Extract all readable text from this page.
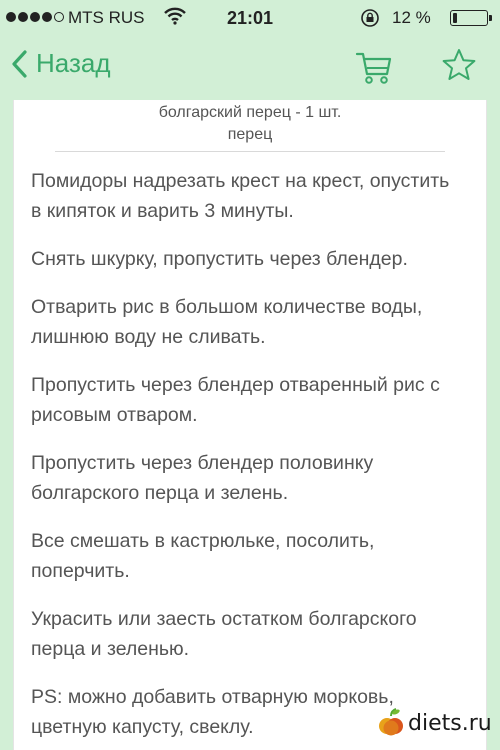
MTS RUS	21:01	12 % ⚡
Назад
болгарский перец - 1 шт.
перец

Помидоры надрезать крест на крест, опустить в кипяток и варить 3 минуты.

Снять шкурку, пропустить через блендер.

Отварить рис в большом количестве воды, лишнюю воду не сливать.

Пропустить через блендер отваренный рис с рисовым отваром.

Пропустить через блендер половинку болгарского перца и зелень.

Все смешать в кастрюльке, посолить, поперчить.

Украсить или заесть остатком болгарского перца и зеленью.

PS: можно добавить отварную морковь, цветную капусту, свеклу.	diets.ru
